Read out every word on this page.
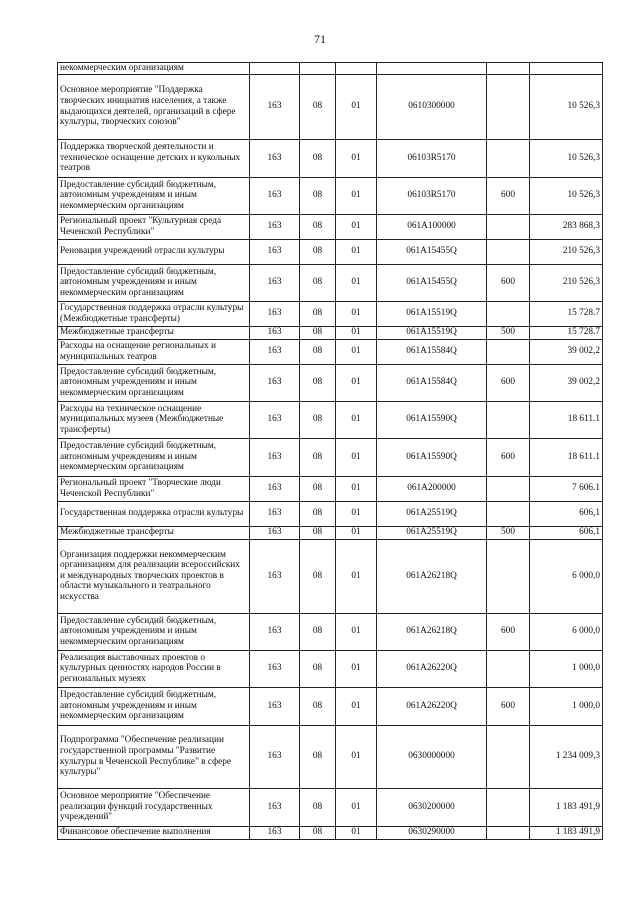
71
некоммерческим организациям						
Основное мероприятие "Поддержка творческих инициатив населения, а также выдающихся деятелей, организаций в сфере культуры, творческих союзов"	163	08	01	0610300000		10 526,3
Поддержка творческой деятельности и техническое оснащение детских и кукольных театров	163	08	01	06103R5170		10 526,3
Предоставление субсидий бюджетным, автономным учреждениям и иным некоммерческим организациям	163	08	01	06103R5170	600	10 526,3
Региональный проект "Культурная среда Чеченской Республики"	163	08	01	061A100000		283 868,3
Реновация учреждений отрасли культуры	163	08	01	061A15455Q		210 526,3
Предоставление субсидий бюджетным, автономным учреждениям и иным некоммерческим организациям	163	08	01	061A15455Q	600	210 526,3
Государственная поддержка отрасли культуры (Межбюджетные трансферты)	163	08	01	061A15519Q		15 728.7
Межбюджетные трансферты	163	08	01	061A15519Q	500	15 728.7
Расходы на оснащение региональных и муниципальных театров	163	08	01	061A15584Q		39 002,2
Предоставление субсидий бюджетным, автономным учреждениям и иным некоммерческим организациям	163	08	01	061A15584Q	600	39 002,2
Расходы на техническое оснащение муниципальных музеев (Межбюджетные трансферты)	163	08	01	061A15590Q		18 611.1
Предоставление субсидий бюджетным, автономным учреждениям и иным некоммерческим организациям	163	08	01	061A15590Q	600	18 611.1
Региональный проект "Творческие люди Чеченской Республики"	163	08	01	061A200000		7 606.1
Государственная поддержка отрасли культуры	163	08	01	061A25519Q		606,1
Межбюджетные трансферты	163	08	01	061A25519Q	500	606,1
Организация поддержки некоммерческим организациям для реализации всероссийских и международных творческих проектов в области музыкального и театрального искусства	163	08	01	061A26218Q		6 000,0
Предоставление субсидий бюджетным, автономным учреждениям и иным некоммерческим организациям	163	08	01	061A26218Q	600	6 000,0
Реализация выставочных проектов о культурных ценностях народов России в региональных музеях	163	08	01	061A26220Q		1 000,0
Предоставление субсидий бюджетным, автономным учреждениям и иным некоммерческим организациям	163	08	01	061A26220Q	600	1 000,0
Подпрограмма "Обеспечение реализации государственной программы "Развитие культуры в Чеченской Республике" в сфере культуры"	163	08	01	0630000000		1 234 009,3
Основное мероприятие "Обеспечение реализации функций государственных учреждений"	163	08	01	0630200000		1 183 491,9
Финансовое обеспечение выполнения	163	08	01	0630290000		1 183 491,9
